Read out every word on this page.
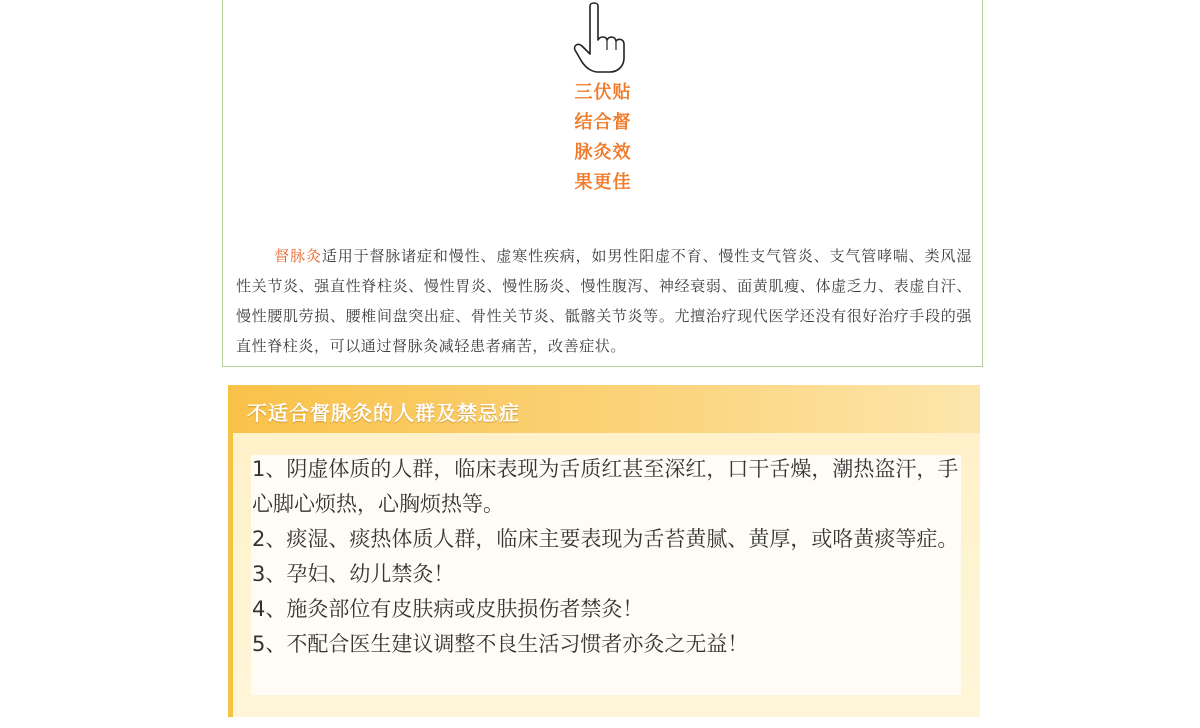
三伏贴
结合督
脉灸效
果更佳
督脉灸适用于督脉诸症和慢性、虚寒性疾病，如男性阳虚不育、慢性支气管炎、支气管哮喘、类风湿性关节炎、强直性脊柱炎、慢性胃炎、慢性肠炎、慢性腹泻、神经衰弱、面黄肌瘦、体虚乏力、表虚自汗、慢性腰肌劳损、腰椎间盘突出症、骨性关节炎、骶髂关节炎等。尤擅治疗现代医学还没有很好治疗手段的强直性脊柱炎，可以通过督脉灸减轻患者痛苦，改善症状。
不适合督脉灸的人群及禁忌症

1、阴虚体质的人群，临床表现为舌质红甚至深红，口干舌燥，潮热盗汗，手心脚心烦热，心胸烦热等。

2、痰湿、痰热体质人群，临床主要表现为舌苔黄腻、黄厚，或咯黄痰等症。

3、孕妇、幼儿禁灸！

4、施灸部位有皮肤病或皮肤损伤者禁灸！

5、不配合医生建议调整不良生活习惯者亦灸之无益！
